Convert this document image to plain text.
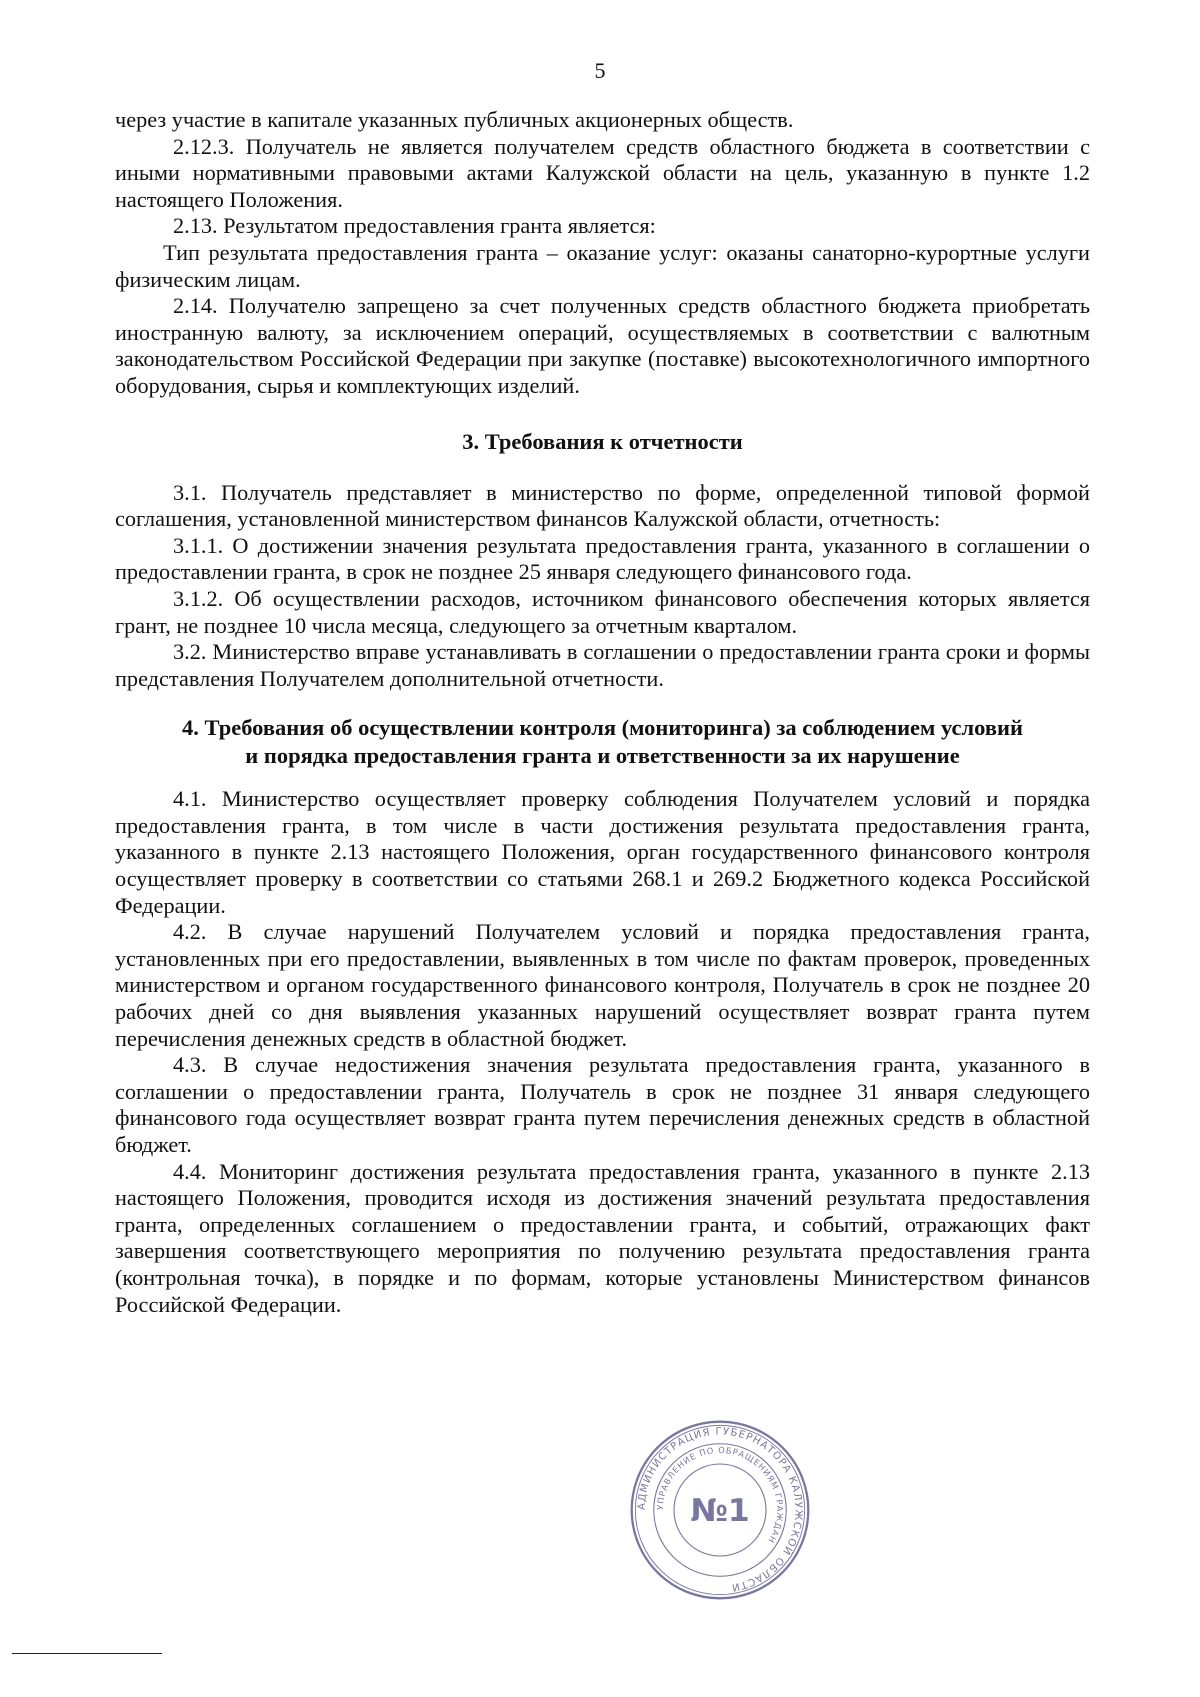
5

через участие в капитале указанных публичных акционерных обществ.

2.12.3. Получатель не является получателем средств областного бюджета в соответствии с иными нормативными правовыми актами Калужской области на цель, указанную в пункте 1.2 настоящего Положения.

2.13. Результатом предоставления гранта является:

Тип результата предоставления гранта – оказание услуг: оказаны санаторно-курортные услуги физическим лицам.

2.14. Получателю запрещено за счет полученных средств областного бюджета приобретать иностранную валюту, за исключением операций, осуществляемых в соответствии с валютным законодательством Российской Федерации при закупке (поставке) высокотехнологичного импортного оборудования, сырья и комплектующих изделий.

3. Требования к отчетности

3.1. Получатель представляет в министерство по форме, определенной типовой формой соглашения, установленной министерством финансов Калужской области, отчетность:

3.1.1. О достижении значения результата предоставления гранта, указанного в соглашении о предоставлении гранта, в срок не позднее 25 января следующего финансового года.

3.1.2. Об осуществлении расходов, источником финансового обеспечения которых является грант, не позднее 10 числа месяца, следующего за отчетным кварталом.

3.2. Министерство вправе устанавливать в соглашении о предоставлении гранта сроки и формы представления Получателем дополнительной отчетности.

4. Требования об осуществлении контроля (мониторинга) за соблюдением условий
и порядка предоставления гранта и ответственности за их нарушение

4.1. Министерство осуществляет проверку соблюдения Получателем условий и порядка предоставления гранта, в том числе в части достижения результата предоставления гранта, указанного в пункте 2.13 настоящего Положения, орган государственного финансового контроля осуществляет проверку в соответствии со статьями 268.1 и 269.2 Бюджетного кодекса Российской Федерации.

4.2. В случае нарушений Получателем условий и порядка предоставления гранта, установленных при его предоставлении, выявленных в том числе по фактам проверок, проведенных министерством и органом государственного финансового контроля, Получатель в срок не позднее 20 рабочих дней со дня выявления указанных нарушений осуществляет возврат гранта путем перечисления денежных средств в областной бюджет.

4.3. В случае недостижения значения результата предоставления гранта, указанного в соглашении о предоставлении гранта, Получатель в срок не позднее 31 января следующего финансового года осуществляет возврат гранта путем перечисления денежных средств в областной бюджет.

4.4. Мониторинг достижения результата предоставления гранта, указанного в пункте 2.13 настоящего Положения, проводится исходя из достижения значений результата предоставления гранта, определенных соглашением о предоставлении гранта, и событий, отражающих факт завершения соответствующего мероприятия по получению результата предоставления гранта (контрольная точка), в порядке и по формам, которые установлены Министерством финансов Российской Федерации.

АДМИНИСТРАЦИЯ ГУБЕРНАТОРА КАЛУЖСКОЙ ОБЛАСТИ
УПРАВЛЕНИЕ ПО ОБРАЩЕНИЯМ ГРАЖДАН
№1
